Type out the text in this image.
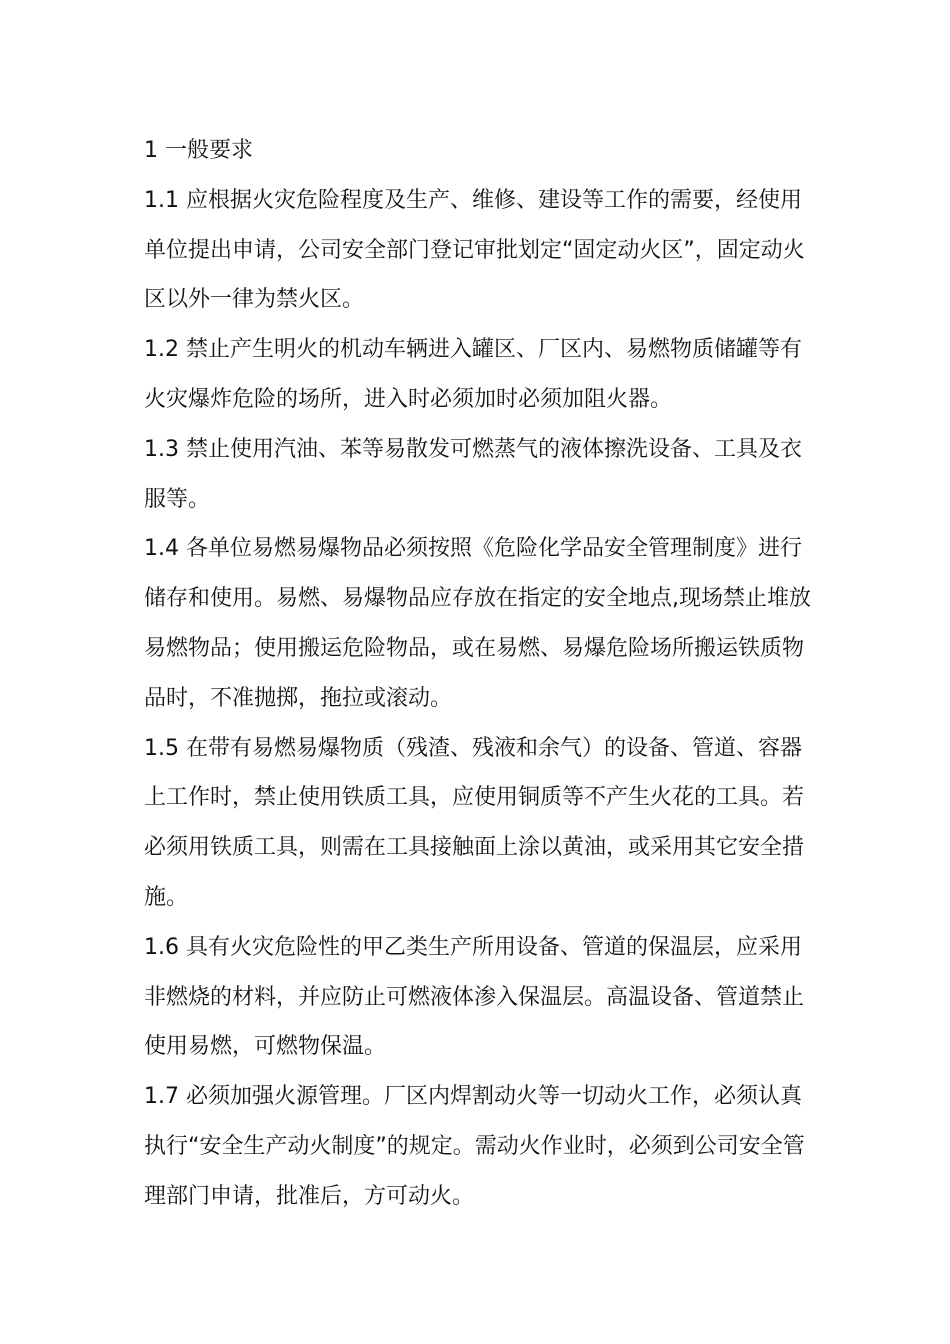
1 一般要求

1.1 应根据火灾危险程度及生产、维修、建设等工作的需要，经使用单位提出申请，公司安全部门登记审批划定“固定动火区”，固定动火区以外一律为禁火区。

1.2 禁止产生明火的机动车辆进入罐区、厂区内、易燃物质储罐等有火灾爆炸危险的场所，进入时必须加时必须加阻火器。

1.3 禁止使用汽油、苯等易散发可燃蒸气的液体擦洗设备、工具及衣服等。

1.4 各单位易燃易爆物品必须按照《危险化学品安全管理制度》进行储存和使用。易燃、易爆物品应存放在指定的安全地点,现场禁止堆放易燃物品；使用搬运危险物品，或在易燃、易爆危险场所搬运铁质物品时，不准抛掷，拖拉或滚动。

1.5 在带有易燃易爆物质（残渣、残液和余气）的设备、管道、容器上工作时，禁止使用铁质工具，应使用铜质等不产生火花的工具。若必须用铁质工具，则需在工具接触面上涂以黄油，或采用其它安全措施。

1.6 具有火灾危险性的甲乙类生产所用设备、管道的保温层，应采用非燃烧的材料，并应防止可燃液体渗入保温层。高温设备、管道禁止使用易燃，可燃物保温。

1.7 必须加强火源管理。厂区内焊割动火等一切动火工作，必须认真执行“安全生产动火制度”的规定。需动火作业时，必须到公司安全管理部门申请，批准后，方可动火。
